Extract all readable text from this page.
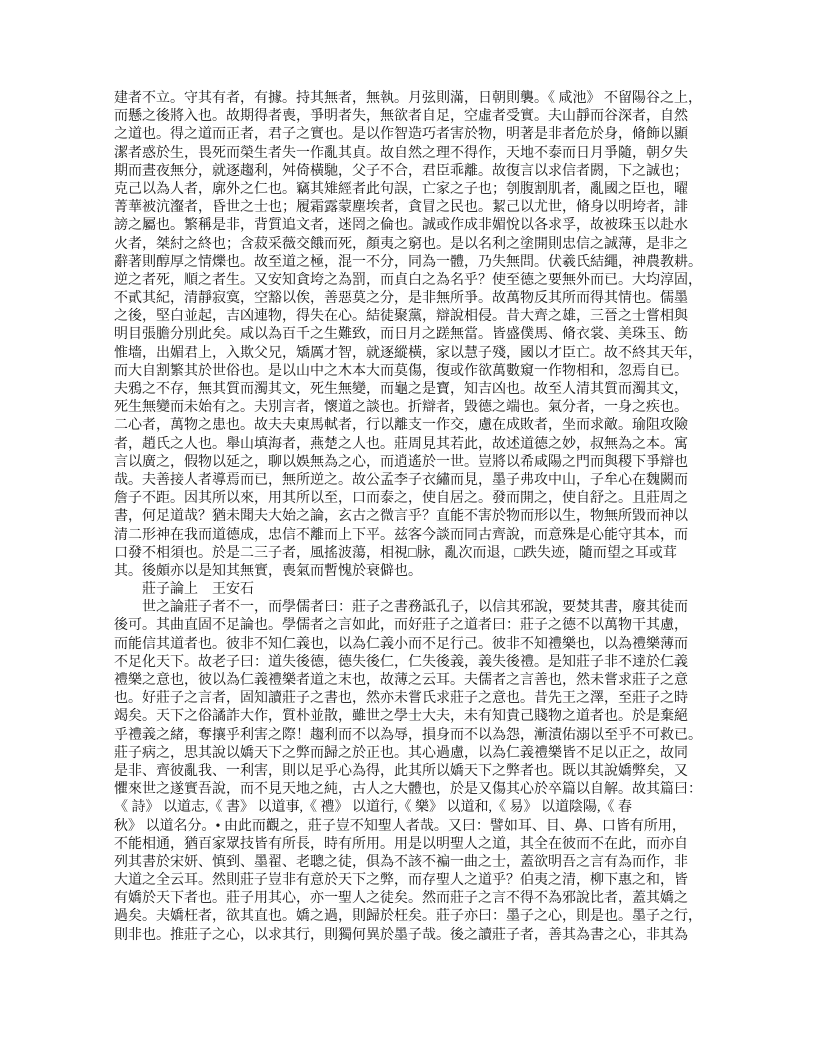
建者不立。守其有者，有據。持其無者，無執。月弦則滿，日朝則襲。《 咸池》 不留陽谷之上，
而懸之後將入也。故期得者喪，爭明者失，無欲者自足，空虛者受實。夫山靜而谷深者，自然
之道也。得之道而正者，君子之實也。是以作智造巧者害於物，明著是非者危於身，脩飾以顯
潔者惑於生，畏死而榮生者失一作亂其貞。故自然之理不得作，天地不泰而日月爭隨，朝夕失
期而晝夜無分，就逐趨利，舛倚橫馳，父子不合，君臣乖離。故復言以求信者閼，下之誠也；
克己以為人者，廓外之仁也。竊其雉經者此句誤，亡家之子也；刳腹割肌者，亂國之臣也，曜
菁華被沆瀣者，昏世之士也；履霜露蒙塵埃者，貪冒之民也。絜己以尤世，脩身以明垮者，誹
謗之屬也。繁稱是非，背質追文者，迷罔之倫也。誠或作成非媚悅以各求孚，故被珠玉以赴水
火者，桀紂之終也；含菽采薇交餓而死，顏夷之窮也。是以名利之塗開則忠信之誠薄，是非之
辭著則醇厚之情爍也。故至道之極，混一不分，同為一體，乃失無問。伏羲氏結繩，神農教耕。
逆之者死，順之者生。又安知貪垮之為罰，而貞白之為名乎？使至德之要無外而已。大均淳固，
不貳其紀，清靜寂寞，空豁以俟，善惡莫之分，是非無所爭。故萬物反其所而得其情也。儒墨
之後，堅白並起，吉凶連物，得失在心。結徒聚黨，辯說相侵。昔大齊之雄，三晉之士嘗相與
明目張膽分別此矣。咸以為百千之生難致，而日月之蹉無當。皆盛僕馬、脩衣裳、美珠玉、飭
惟墻，出媚君上，入欺父兄，矯厲才智，就逐縱橫，家以慧子殘，國以才臣亡。故不終其天年，
而大自割繁其於世俗也。是以山中之木本大而莫傷，復或作欲萬數窺一作物相和，忽焉自已。
夫鴉之不存，無其質而濁其文，死生無變，而龜之是寶，知吉凶也。故至人清其質而濁其文，
死生無變而未始有之。夫別言者，懷道之談也。折辯者，毀德之端也。氣分者，一身之疾也。
二心者，萬物之患也。故夫夫東馬軾者，行以離支一作交，慮在成敗者，坐而求敵。瑜阻攻險
者，趙氏之人也。舉山填海者，燕楚之人也。莊周見其若此，故述道德之妙，叔無為之本。寓
言以廣之，假物以延之，聊以娛無為之心，而逍遙於一世。豈將以希咸陽之門而與稷下爭辯也
哉。夫善接人者導焉而已，無所逆之。故公孟李子衣繡而見，墨子弗攻中山，子牟心在魏闕而
詹子不距。因其所以來，用其所以至，口而泰之，使自居之。發而開之，使自舒之。且莊周之
書，何足道哉？猶未聞夫大始之論，玄古之微言乎？直能不害於物而形以生，物無所毀而神以
清二形神在我而道德成，忠信不離而上下平。兹客今談而同古齊說，而意殊是心能守其本，而
口發不相須也。於是二三子者，風搖波蕩，相視□脉，亂次而退，□跌失迹，隨而望之耳或茸
其。後頗亦以是知其無實，喪氣而暫愧於衰僻也。
莊子論上　王安石
世之論莊子者不一，而學儒者曰：莊子之書務詆孔子，以信其邪說，要焚其書，廢其徒而
後可。其曲直固不足論也。學儒者之言如此，而好莊子之道者曰：莊子之德不以萬物干其慮，
而能信其道者也。彼非不知仁義也，以為仁義小而不足行己。彼非不知禮樂也，以為禮樂薄而
不足化天下。故老子曰：道失後德，德失後仁，仁失後義，義失後禮。是知莊子非不達於仁義
禮樂之意也，彼以為仁義禮樂者道之末也，故薄之云耳。夫儒者之言善也，然未嘗求莊子之意
也。好莊子之言者，固知讀莊子之書也，然亦未嘗氏求莊子之意也。昔先王之澤，至莊子之時
竭矣。天下之俗譎詐大作，質朴並散，雖世之學士大夫，未有知貴己賤物之道者也。於是棄絕
乎禮義之緒，奪攘乎利害之際！趨利而不以為辱，損身而不以為怨，漸漬佑溺以至乎不可救已。
莊子病之，思其說以嬌天下之弊而歸之於正也。其心過慮，以為仁義禮樂皆不足以正之，故同
是非、齊彼亂我、一利害，則以足乎心為得，此其所以嬌天下之弊者也。既以其說嬌弊矣，又
懼來世之遂實吾說，而不見天地之純，古人之大體也，於是又傷其心於卒篇以自解。故其篇曰：
《 詩》 以道志,《 書》 以道事,《 禮》 以道行,《 樂》 以道和,《 易》 以道陰陽,《 春
秋》 以道名分。• 由此而觀之，莊子豈不知聖人者哉。又曰：譬如耳、目、鼻、口皆有所用，
不能相通，猶百家眾技皆有所長，時有所用。用是以明聖人之道，其全在彼而不在此，而亦自
列其書於宋妍、慎到、墨翟、老聰之徒，俱為不該不褊一曲之士，蓋欲明吾之言有為而作，非
大道之全云耳。然則莊子豈非有意於天下之弊，而存聖人之道乎？伯夷之清，柳下惠之和，皆
有嬌於天下者也。莊子用其心，亦一聖人之徒矣。然而莊子之言不得不為邪說比者，蓋其嬌之
過矣。夫嬌枉者，欲其直也。嬌之過，則歸於枉矣。莊子亦曰：墨子之心，則是也。墨子之行，
則非也。推莊子之心，以求其行，則獨何異於墨子哉。後之讀莊子者，善其為書之心，非其為
